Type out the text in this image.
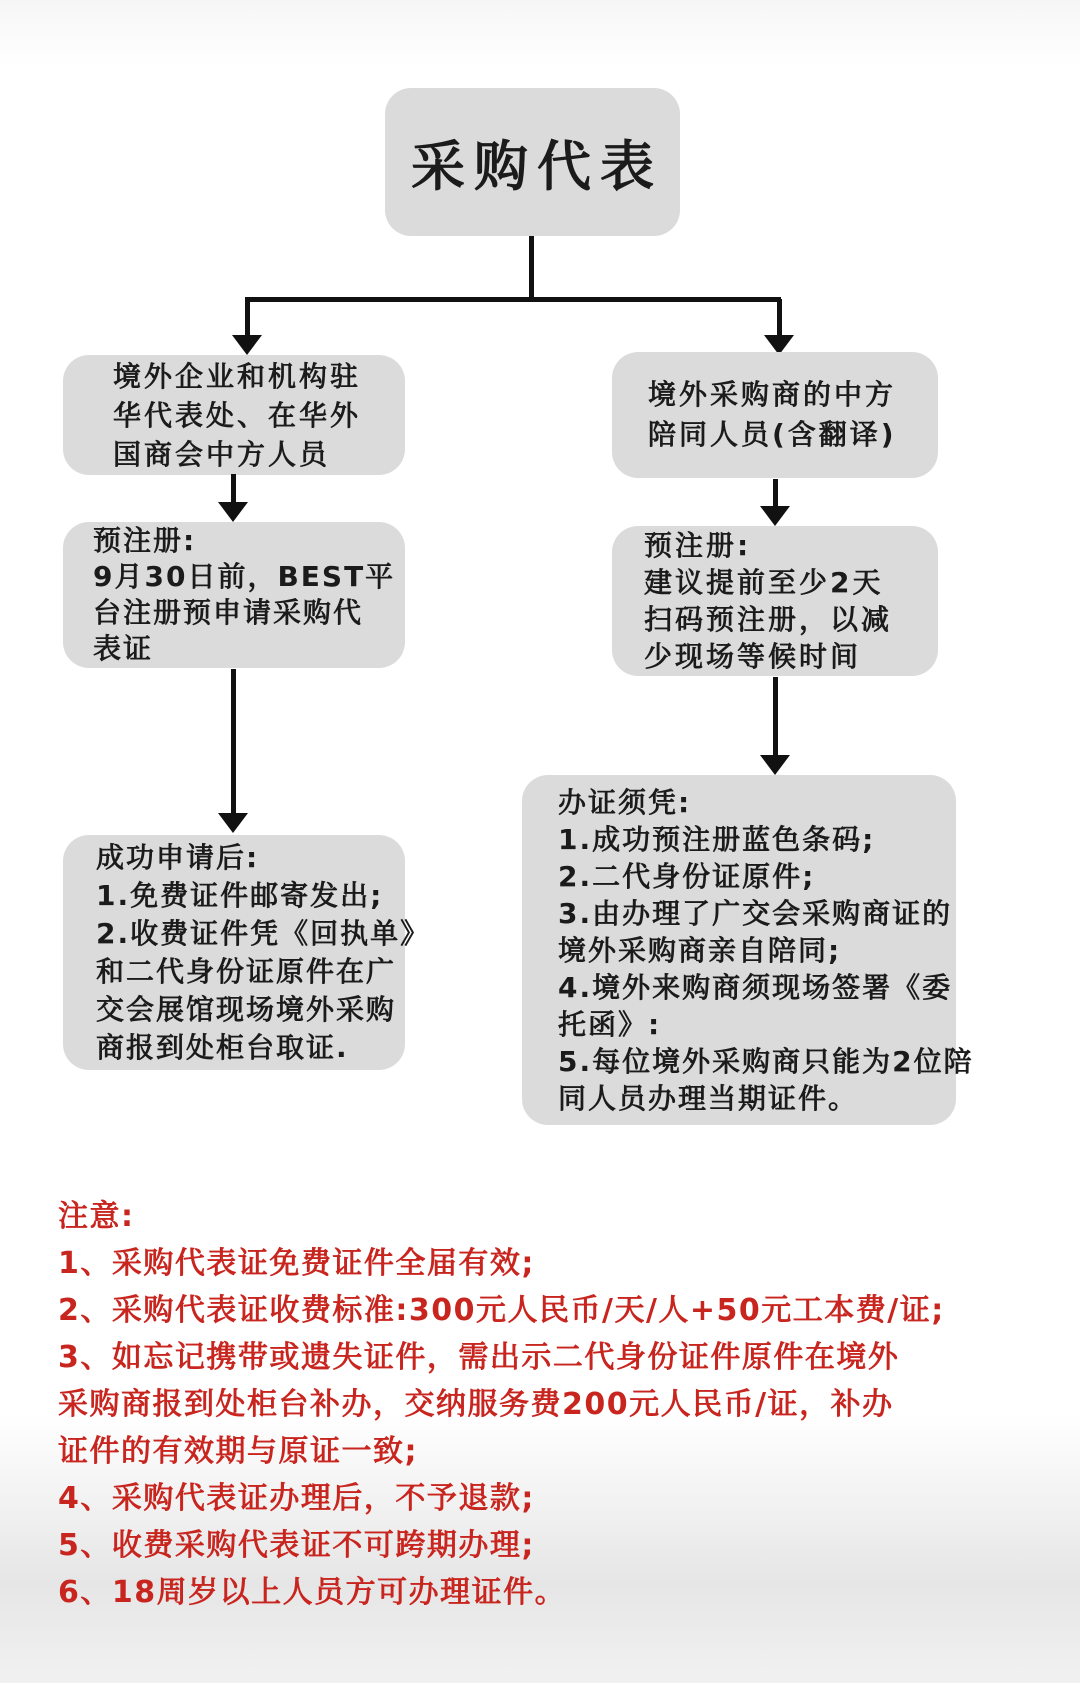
采购代表
境外企业和机构驻
华代表处、在华外
国商会中方人员
预注册:
9月30日前，BEST平
台注册预申请采购代
表证
成功申请后:
1.免费证件邮寄发出;
2.收费证件凭《回执单》
和二代身份证原件在广
交会展馆现场境外采购
商报到处柜台取证.
境外采购商的中方
陪同人员(含翻译)
预注册:
建议提前至少2天
扫码预注册，以减
少现场等候时间
办证须凭:
1.成功预注册蓝色条码;
2.二代身份证原件;
3.由办理了广交会采购商证的
境外采购商亲自陪同;
4.境外来购商须现场签署《委
托函》:
5.每位境外采购商只能为2位陪
同人员办理当期证件。
注意:
1、采购代表证免费证件全届有效;
2、采购代表证收费标准:300元人民币/天/人+50元工本费/证;
3、如忘记携带或遗失证件，需出示二代身份证件原件在境外
采购商报到处柜台补办，交纳服务费200元人民币/证，补办
证件的有效期与原证一致;
4、采购代表证办理后，不予退款;
5、收费采购代表证不可跨期办理;
6、18周岁以上人员方可办理证件。
